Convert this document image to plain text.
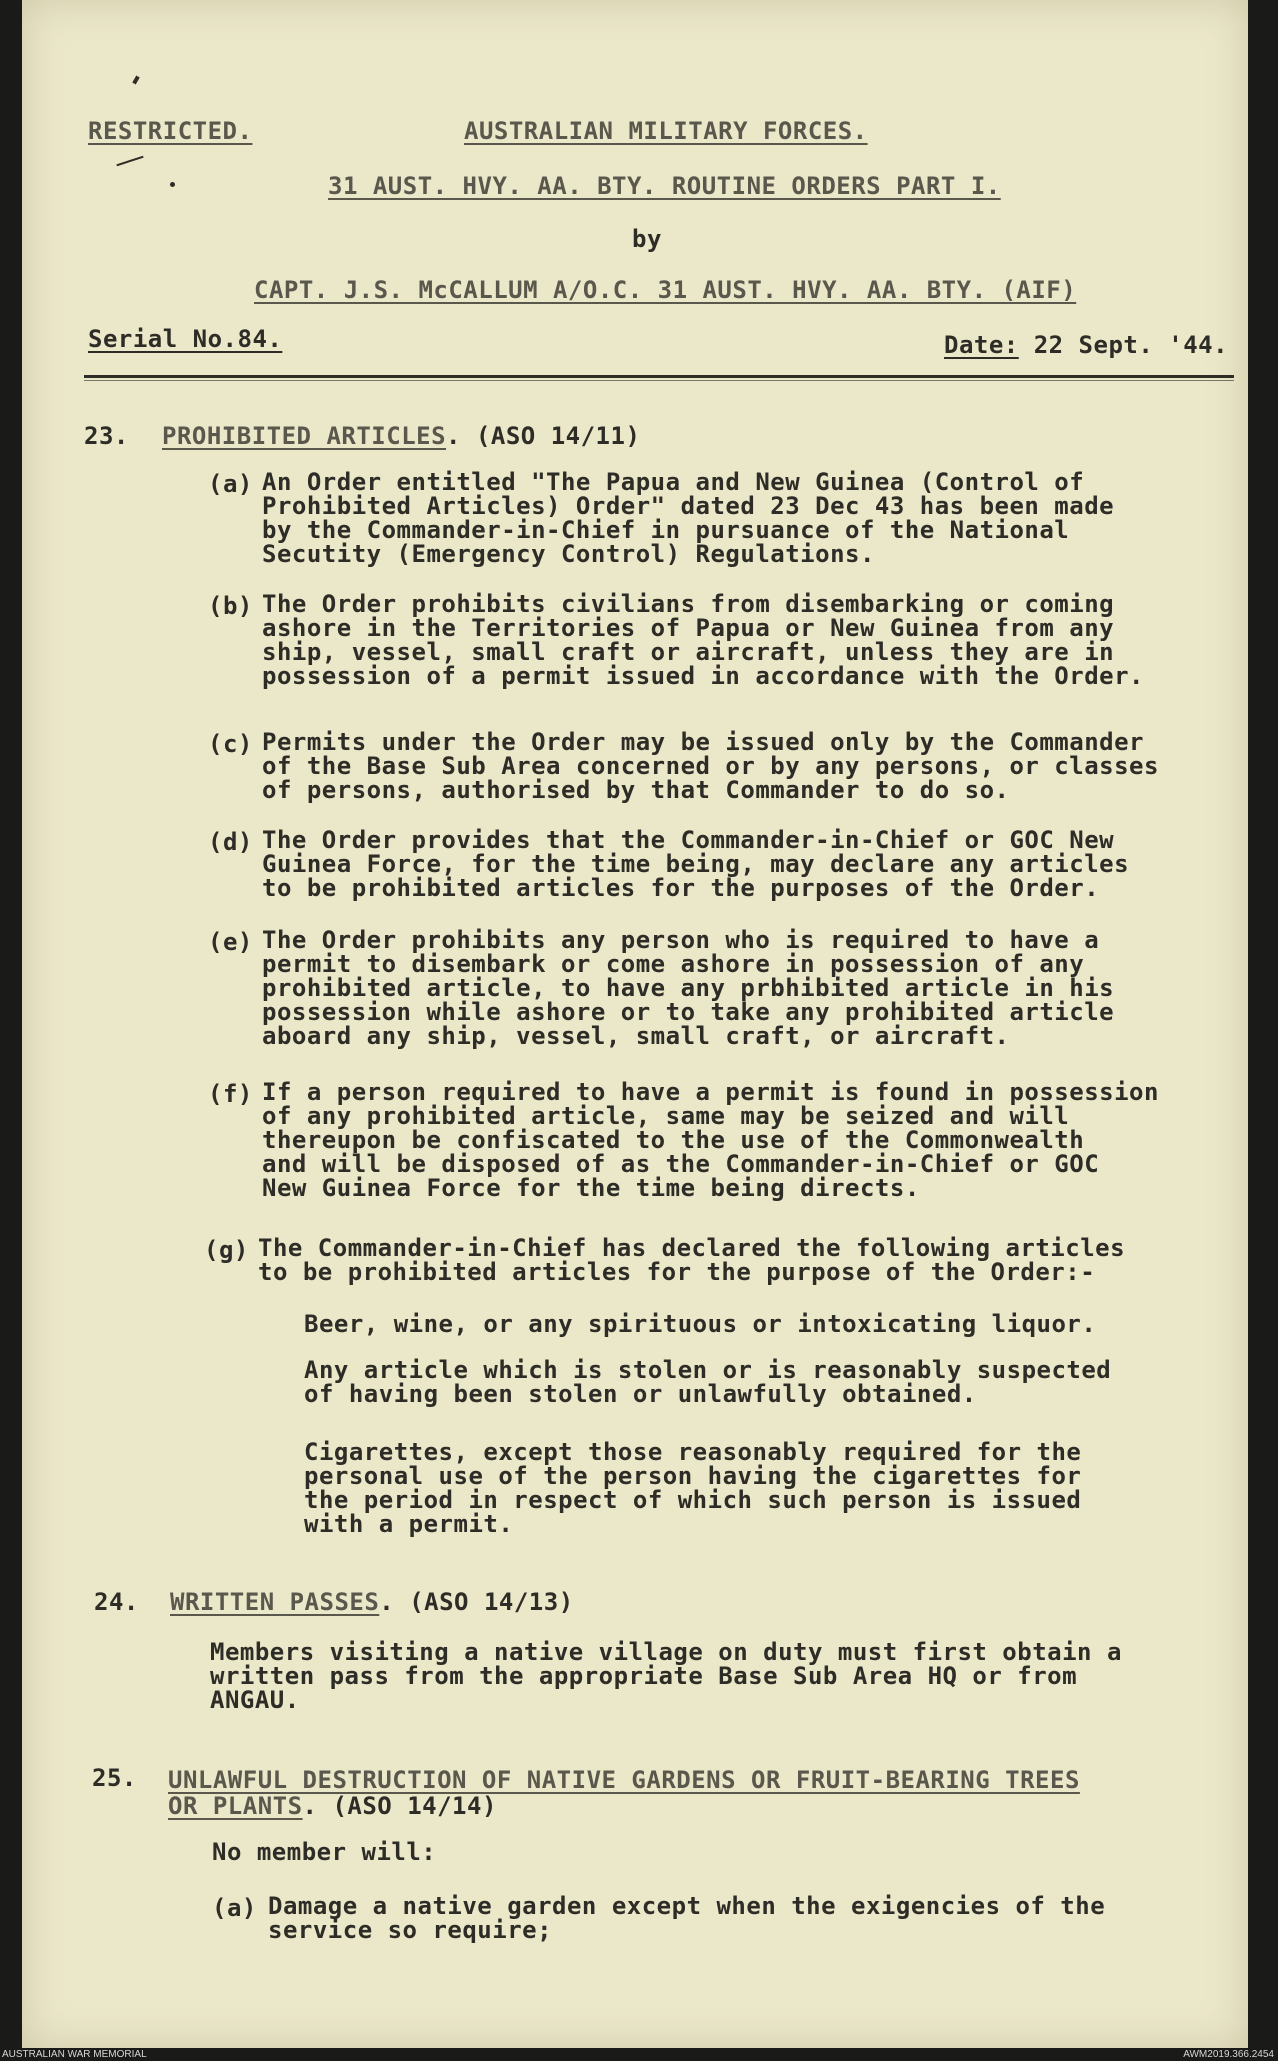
RESTRICTED.	AUSTRALIAN MILITARY FORCES.
31 AUST. HVY. AA. BTY. ROUTINE ORDERS PART I.
by
CAPT. J.S. McCALLUM A/O.C. 31 AUST. HVY. AA. BTY. (AIF)
Serial No.84.	Date: 22 Sept. '44.
23. PROHIBITED ARTICLES. (ASO 14/11)
(a) An Order entitled "The Papua and New Guinea (Control of
Prohibited Articles) Order" dated 23 Dec 43 has been made
by the Commander-in-Chief in pursuance of the National
Secutity (Emergency Control) Regulations.
(b) The Order prohibits civilians from disembarking or coming
ashore in the Territories of Papua or New Guinea from any
ship, vessel, small craft or aircraft, unless they are in
possession of a permit issued in accordance with the Order.
(c) Permits under the Order may be issued only by the Commander
of the Base Sub Area concerned or by any persons, or classes
of persons, authorised by that Commander to do so.
(d) The Order provides that the Commander-in-Chief or GOC New
Guinea Force, for the time being, may declare any articles
to be prohibited articles for the purposes of the Order.
(e) The Order prohibits any person who is required to have a
permit to disembark or come ashore in possession of any
prohibited article, to have any prbhibited article in his
possession while ashore or to take any prohibited article
aboard any ship, vessel, small craft, or aircraft.
(f) If a person required to have a permit is found in possession
of any prohibited article, same may be seized and will
thereupon be confiscated to the use of the Commonwealth
and will be disposed of as the Commander-in-Chief or GOC
New Guinea Force for the time being directs.
(g) The Commander-in-Chief has declared the following articles
to be prohibited articles for the purpose of the Order:-
Beer, wine, or any spirituous or intoxicating liquor.
Any article which is stolen or is reasonably suspected
of having been stolen or unlawfully obtained.
Cigarettes, except those reasonably required for the
personal use of the person having the cigarettes for
the period in respect of which such person is issued
with a permit.
24. WRITTEN PASSES. (ASO 14/13)
Members visiting a native village on duty must first obtain a
written pass from the appropriate Base Sub Area HQ or from
ANGAU.
25. UNLAWFUL DESTRUCTION OF NATIVE GARDENS OR FRUIT-BEARING TREES
OR PLANTS. (ASO 14/14)
No member will:
(a) Damage a native garden except when the exigencies of the
service so require;
AUSTRALIAN WAR MEMORIAL	AWM2019.366.2454
